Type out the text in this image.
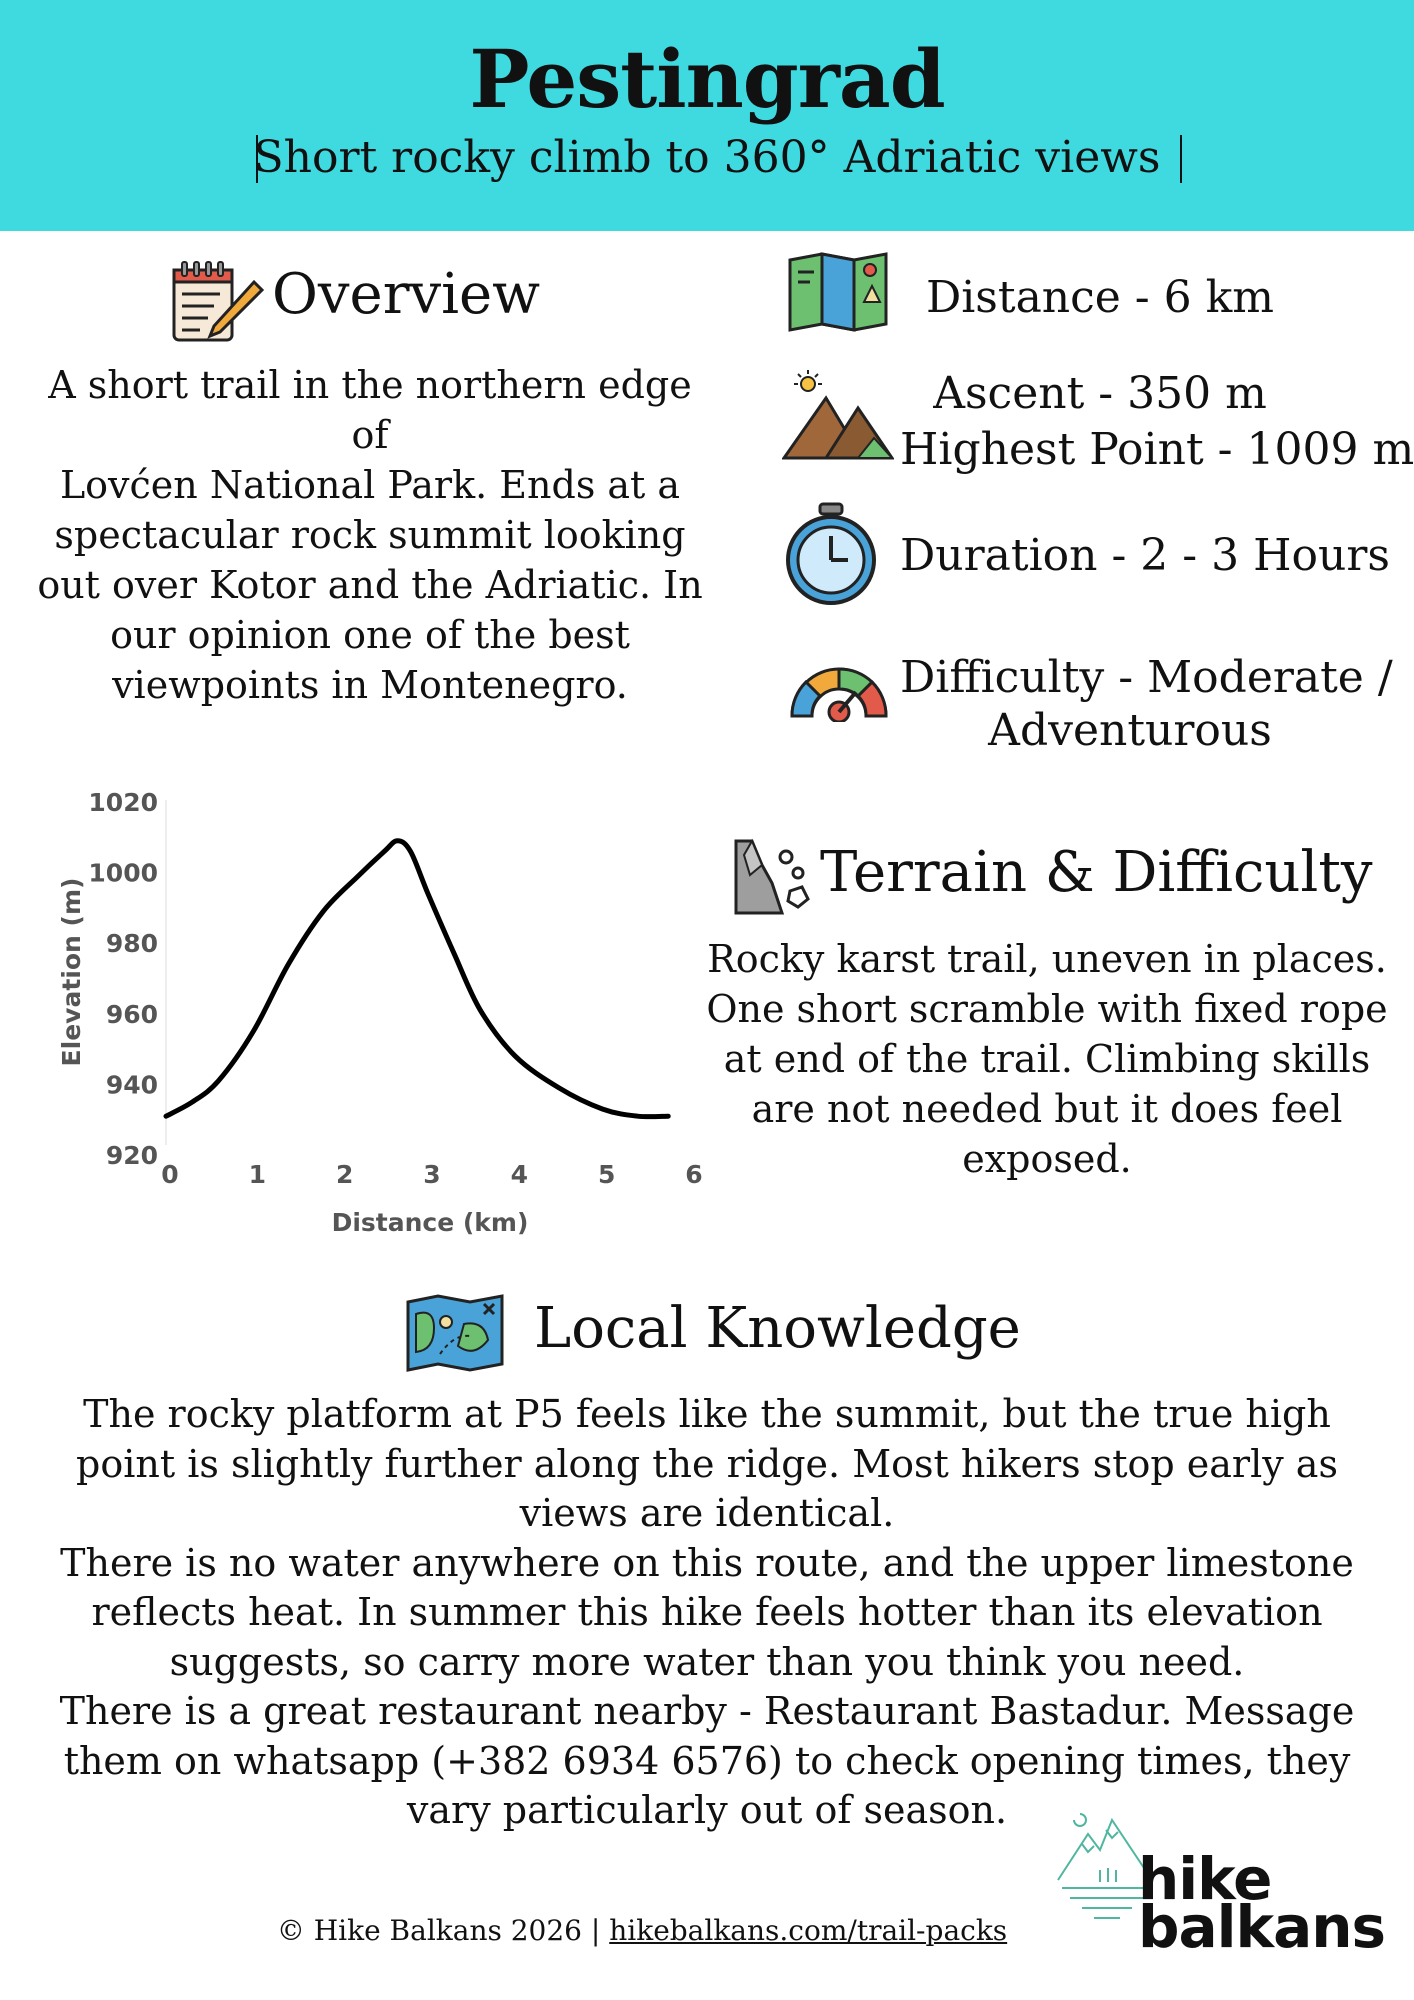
Pestingrad
Short rocky climb to 360° Adriatic views
Overview
A short trail in the northern edge of
Lovćen National Park. Ends at a
spectacular rock summit looking
out over Kotor and the Adriatic. In
our opinion one of the best
viewpoints in Montenegro.
Distance - 6 km
Ascent - 350 m
Highest Point - 1009 m
Duration - 2 - 3 Hours
Difficulty - Moderate /
Adventurous
920
940
960
980
1000
1020
0	1	2	3	4	5	6
Distance (km)
Elevation (m)
Terrain & Difficulty
Rocky karst trail, uneven in places.
One short scramble with fixed rope
at end of the trail. Climbing skills
are not needed but it does feel
exposed.
Local Knowledge

The rocky platform at P5 feels like the summit, but the true high point is slightly further along the ridge. Most hikers stop early as views are identical.

There is no water anywhere on this route, and the upper limestone reflects heat. In summer this hike feels hotter than its elevation suggests, so carry more water than you think you need.

There is a great restaurant nearby - Restaurant Bastadur. Message them on whatsapp (+382 6934 6576) to check opening times, they vary particularly out of season.

© Hike Balkans 2026 | hikebalkans.com/trail-packs
hike
balkans
